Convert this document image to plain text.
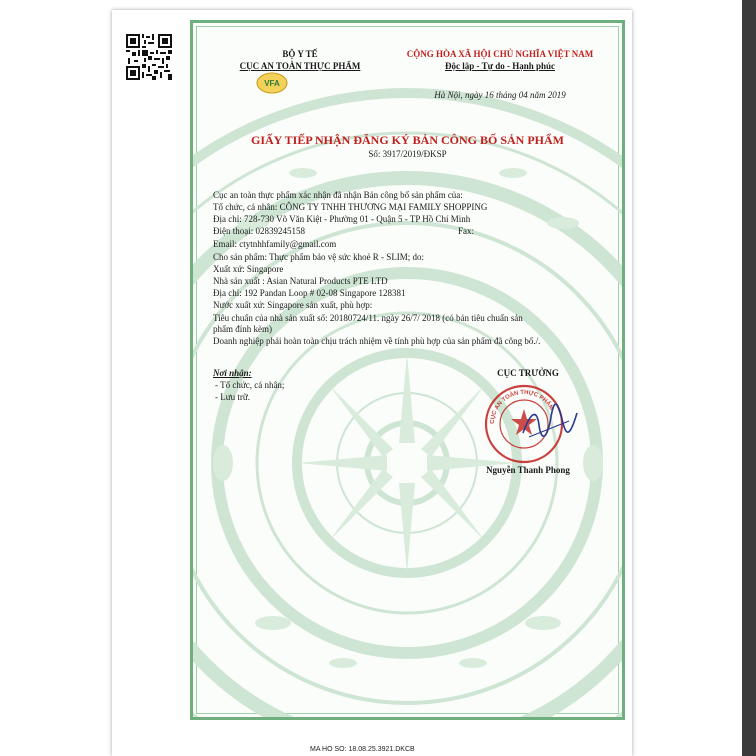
BỘ Y TẾ
CỤC AN TOÀN THỰC PHẨM
VFA
CỘNG HÒA XÃ HỘI CHỦ NGHĨA VIỆT NAM
Độc lập - Tự do - Hạnh phúc
Hà Nội, ngày 16 tháng 04 năm 2019
GIẤY TIẾP NHẬN ĐĂNG KÝ BẢN CÔNG BỐ SẢN PHẨM
Số: 3917/2019/ĐKSP
Cục an toàn thực phẩm xác nhận đã nhận Bản công bố sản phẩm của:
Tổ chức, cá nhân: CÔNG TY TNHH THƯƠNG MẠI FAMILY SHOPPING
Địa chỉ: 728-730 Võ Văn Kiệt - Phường 01 - Quận 5 - TP Hồ Chí Minh
Điện thoại: 02839245158	Fax:
Email: ctytnhhfamily@gmail.com
Cho sản phẩm: Thực phẩm bảo vệ sức khoẻ R - SLIM; do:
Xuất xứ: Singapore
Nhà sản xuất : Asian Natural Products PTE LTD
Địa chỉ: 192 Pandan Loop # 02-08 Singapore 128381
Nước xuất xứ: Singapore sản xuất, phù hợp:
Tiêu chuẩn của nhà sản xuất số: 20180724/11. ngày 26/7/ 2018 (có bản tiêu chuẩn sản
phẩm đính kèm)
Doanh nghiệp phải hoàn toàn chịu trách nhiệm về tính phù hợp của sản phẩm đã công bố./.
Nơi nhận:
- Tổ chức, cá nhân;
- Lưu trữ.
CỤC TRƯỞNG
CỤC AN TOÀN THỰC PHẨM
Nguyễn Thanh Phong
MA HO SO: 18.08.25.3921.DKCB
